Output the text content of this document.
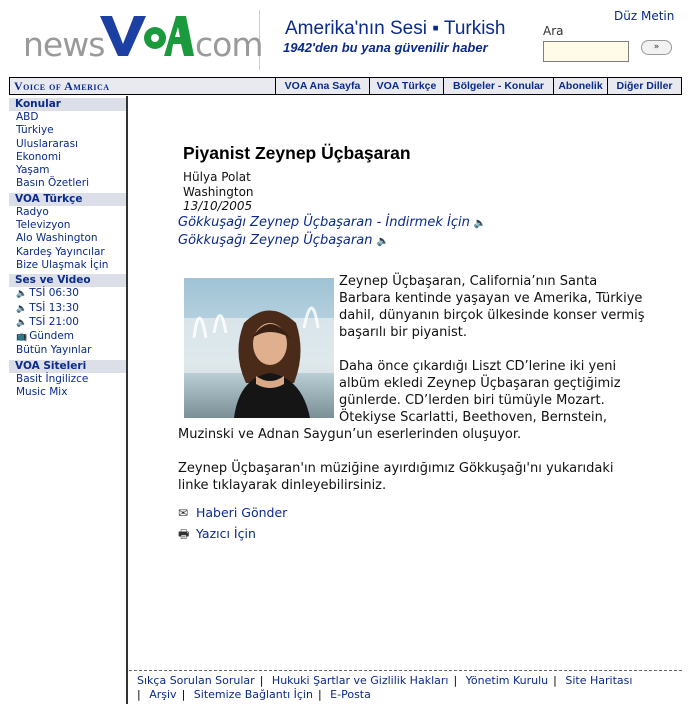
news	com Amerika'nın Sesi ▪ Turkish
1942'den bu yana güvenilir haber
Düz Metin
Ara
»
Voice of America	VOA Ana Sayfa	VOA Türkçe	Bölgeler - Konular	Abonelik	Diğer Diller
Konular
ABD
Türkiye
Uluslararası
Ekonomi
Yaşam
Basın Özetleri
VOA Türkçe
Radyo
Televizyon
Alo Washington
Kardeş Yayıncılar
Bize Ulaşmak İçin
Ses ve Video
🔈 TSİ 06:30
🔈 TSİ 13:30
🔈 TSİ 21:00
📺 Gündem
Bütün Yayınlar
VOA Siteleri
Basit İngilizce
Music Mix
Piyanist Zeynep Üçbaşaran
Hülya Polat
Washington
13/10/2005
Gökkuşağı Zeynep Üçbaşaran - İndirmek İçin 🔈
Gökkuşağı Zeynep Üçbaşaran 🔈

Zeynep Üçbaşaran, California’nın Santa Barbara kentinde yaşayan ve Amerika, Türkiye dahil, dünyanın birçok ülkesinde konser vermiş başarılı bir piyanist.

Daha önce çıkardığı Liszt CD’lerine iki yeni albüm ekledi Zeynep Üçbaşaran geçtiğimiz günlerde. CD’lerden biri tümüyle Mozart. Ötekiyse Scarlatti, Beethoven, Bernstein, Muzinski ve Adnan Saygun’un eserlerinden oluşuyor.

Zeynep Üçbaşaran'ın müziğine ayırdığımız Gökkuşağı'nı yukarıdaki linke tıklayarak dinleyebilirsiniz.

✉ Haberi Gönder
🖶 Yazıcı İçin
Sıkça Sorulan Sorular | Hukuki Şartlar ve Gizlilik Hakları | Yönetim Kurulu | Site Haritası
| Arşiv | Sitemize Bağlantı İçin | E-Posta
